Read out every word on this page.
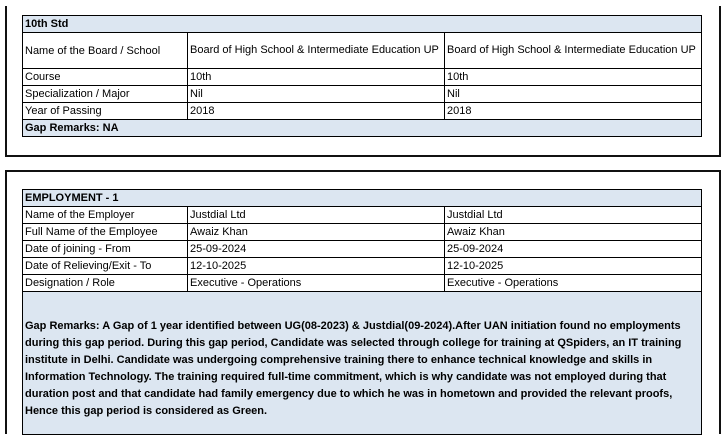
10th Std		
Name of the Board / School	Board of High School & Intermediate Education UP	Board of High School & Intermediate Education UP
Course	10th	10th
Specialization / Major	Nil	Nil
Year of Passing	2018	2018
Gap Remarks: NA		
EMPLOYMENT - 1		
Name of the Employer	Justdial Ltd	Justdial Ltd
Full Name of the Employee	Awaiz Khan	Awaiz Khan
Date of joining - From	25-09-2024	25-09-2024
Date of Relieving/Exit - To	12-10-2025	12-10-2025
Designation / Role	Executive - Operations	Executive - Operations
Gap Remarks: A Gap of 1 year identified between UG(08-2023) & Justdial(09-2024).After UAN initiation found no employments during this gap period. During this gap period, Candidate was selected through college for training at QSpiders, an IT training institute in Delhi. Candidate was undergoing comprehensive training there to enhance technical knowledge and skills in Information Technology. The training required full-time commitment, which is why candidate was not employed during that duration post and that candidate had family emergency due to which he was in hometown and provided the relevant proofs, Hence this gap period is considered as Green.		
